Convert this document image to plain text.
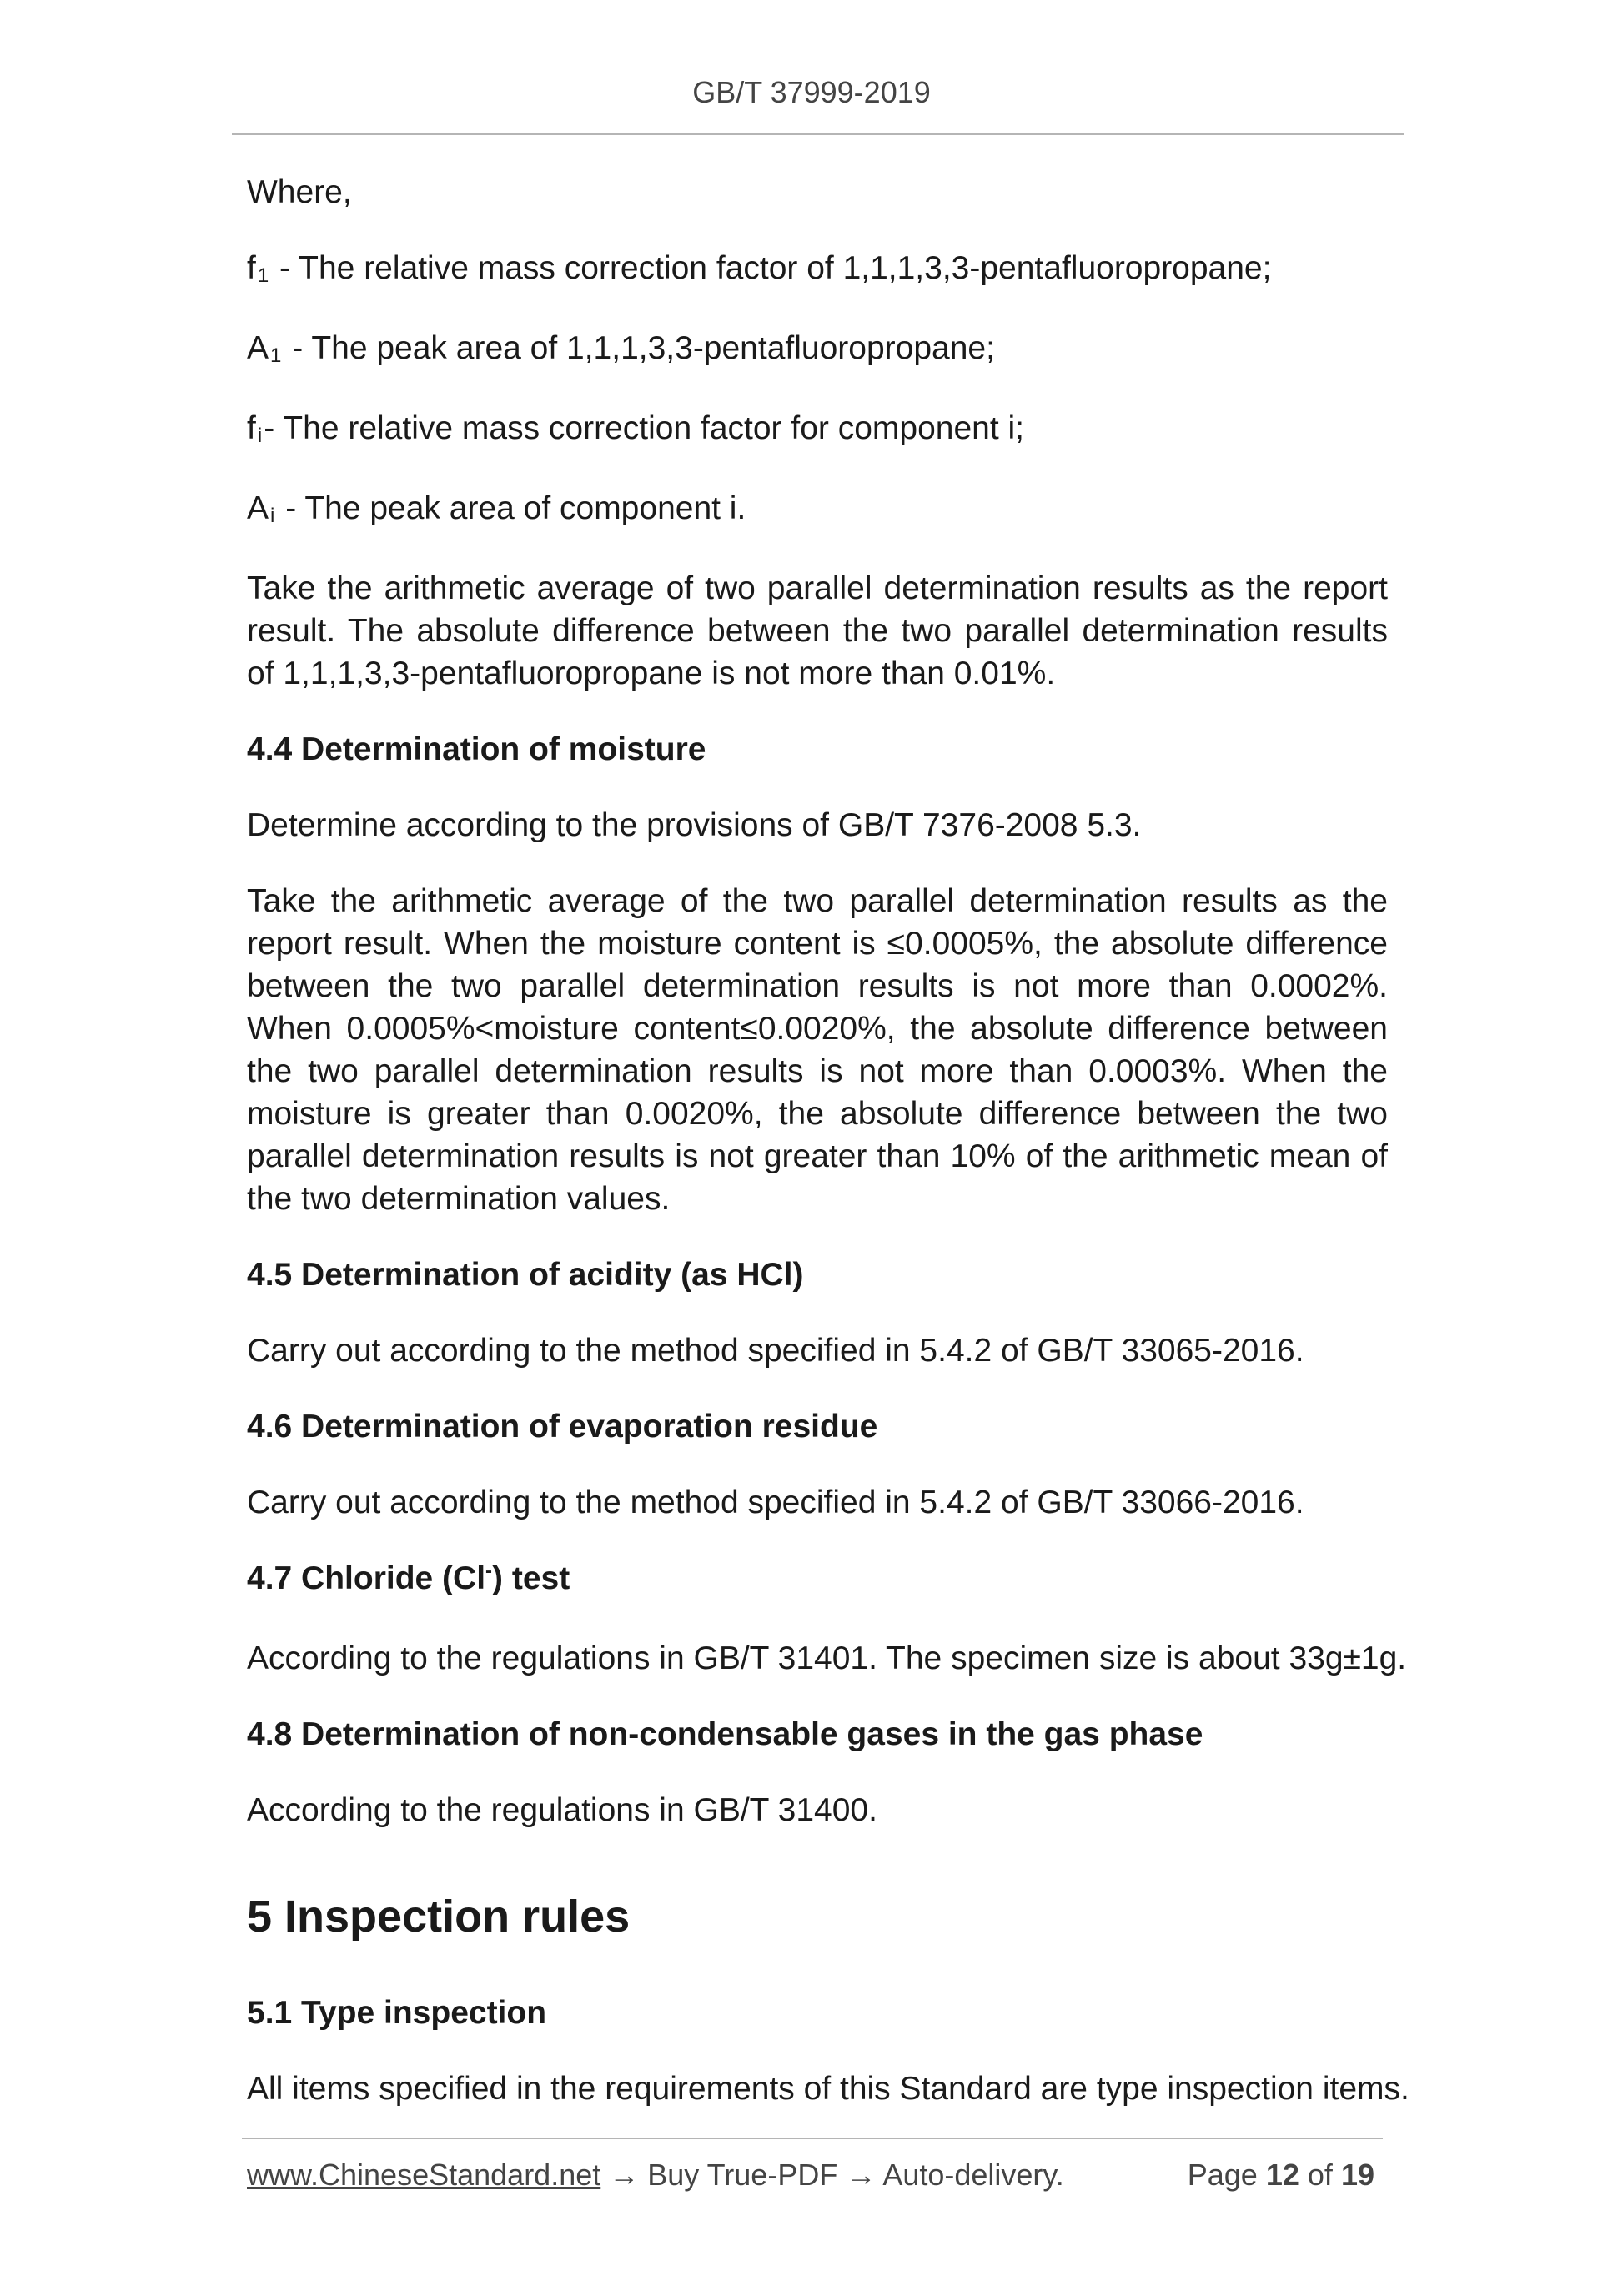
GB/T 37999-2019

Where,

f1 - The relative mass correction factor of 1,1,1,3,3-pentafluoropropane;

A1 - The peak area of 1,1,1,3,3-pentafluoropropane;

fi- The relative mass correction factor for component i;

Ai - The peak area of component i.

Take the arithmetic average of two parallel determination results as the report result. The absolute difference between the two parallel determination results of 1,1,1,3,3-pentafluoropropane is not more than 0.01%.

4.4 Determination of moisture

Determine according to the provisions of GB/T 7376-2008 5.3.

Take the arithmetic average of the two parallel determination results as the report result. When the moisture content is ≤0.0005%, the absolute difference between the two parallel determination results is not more than 0.0002%. When 0.0005%<moisture content≤0.0020%, the absolute difference between the two parallel determination results is not more than 0.0003%. When the moisture is greater than 0.0020%, the absolute difference between the two parallel determination results is not greater than 10% of the arithmetic mean of the two determination values.

4.5 Determination of acidity (as HCl)

Carry out according to the method specified in 5.4.2 of GB/T 33065-2016.

4.6 Determination of evaporation residue

Carry out according to the method specified in 5.4.2 of GB/T 33066-2016.

4.7 Chloride (Cl-) test

According to the regulations in GB/T 31401. The specimen size is about 33g±1g.

4.8 Determination of non-condensable gases in the gas phase

According to the regulations in GB/T 31400.

5 Inspection rules
5.1 Type inspection

All items specified in the requirements of this Standard are type inspection items.

www.ChineseStandard.net → Buy True-PDF → Auto-delivery.	Page 12 of 19
